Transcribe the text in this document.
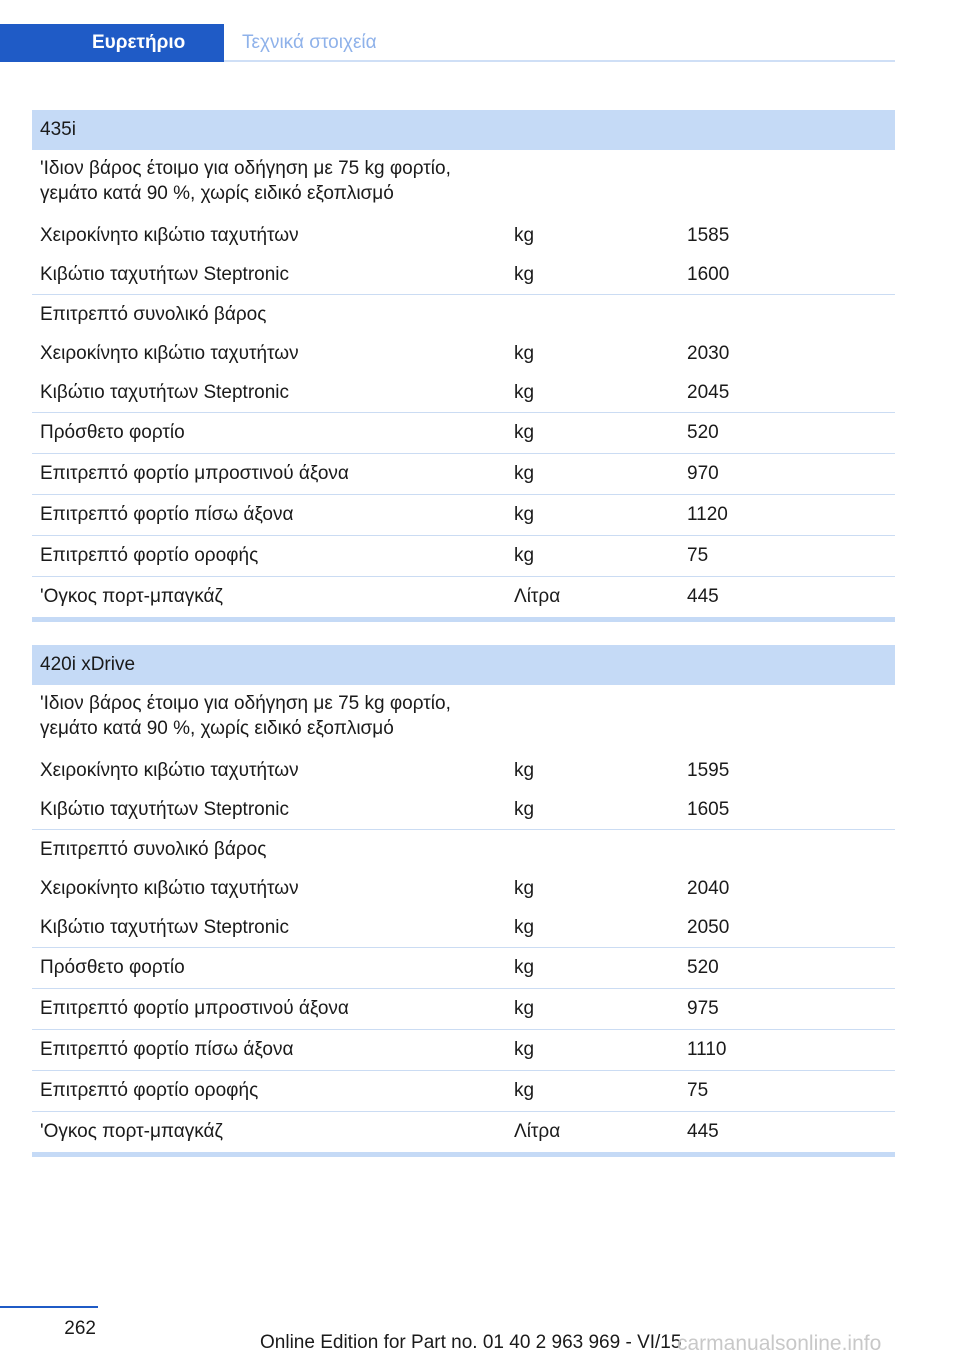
Ευρετήριο	Τεχνικά στοιχεία
435i
'Ιδιον βάρος έτοιμο για οδήγηση με 75 kg φορτίο, γεμάτο κατά 90 %, χωρίς ειδικό εξοπλισμό
Χειροκίνητο κιβώτιο ταχυτήτων	kg	1585
Κιβώτιο ταχυτήτων Steptronic	kg	1600
Επιτρεπτό συνολικό βάρος
Χειροκίνητο κιβώτιο ταχυτήτων	kg	2030
Κιβώτιο ταχυτήτων Steptronic	kg	2045
Πρόσθετο φορτίο	kg	520
Επιτρεπτό φορτίο μπροστινού άξονα	kg	970
Επιτρεπτό φορτίο πίσω άξονα	kg	1120
Επιτρεπτό φορτίο οροφής	kg	75
'Ογκος πορτ-μπαγκάζ	Λίτρα	445
420i xDrive
'Ιδιον βάρος έτοιμο για οδήγηση με 75 kg φορτίο, γεμάτο κατά 90 %, χωρίς ειδικό εξοπλισμό
Χειροκίνητο κιβώτιο ταχυτήτων	kg	1595
Κιβώτιο ταχυτήτων Steptronic	kg	1605
Επιτρεπτό συνολικό βάρος
Χειροκίνητο κιβώτιο ταχυτήτων	kg	2040
Κιβώτιο ταχυτήτων Steptronic	kg	2050
Πρόσθετο φορτίο	kg	520
Επιτρεπτό φορτίο μπροστινού άξονα	kg	975
Επιτρεπτό φορτίο πίσω άξονα	kg	1110
Επιτρεπτό φορτίο οροφής	kg	75
'Ογκος πορτ-μπαγκάζ	Λίτρα	445
262
Online Edition for Part no. 01 40 2 963 969 - VI/15
carmanualsonline.info
